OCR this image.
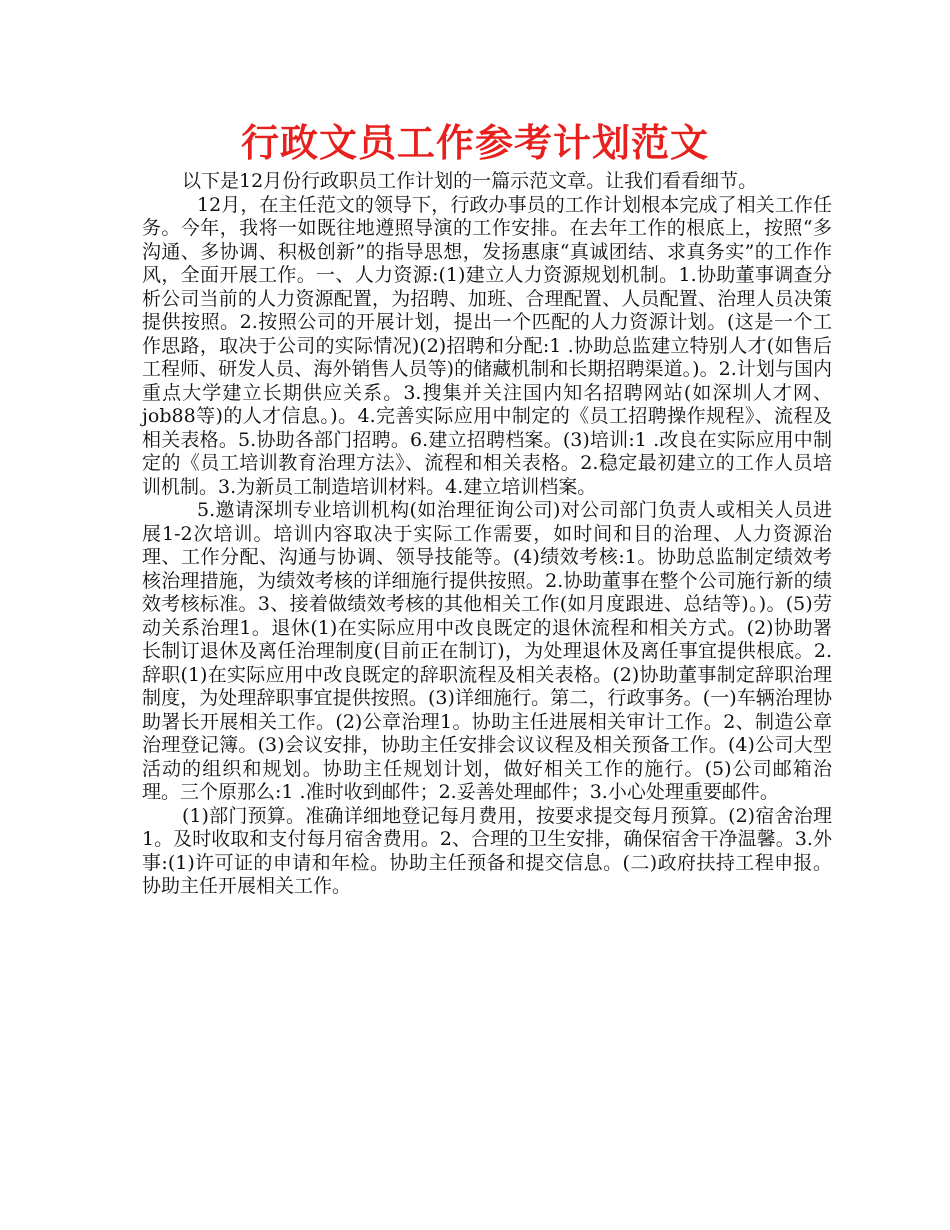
行政文员工作参考计划范文

以下是12月份行政职员工作计划的一篇示范文章。让我们看看细节。

12月，在主任范文的领导下，行政办事员的工作计划根本完成了相关工作任务。今年，我将一如既往地遵照导演的工作安排。在去年工作的根底上，按照“多沟通、多协调、积极创新”的指导思想，发扬惠康“真诚团结、求真务实”的工作作风，全面开展工作。一、人力资源:(1)建立人力资源规划机制。1.协助董事调查分析公司当前的人力资源配置，为招聘、加班、合理配置、人员配置、治理人员决策提供按照。2.按照公司的开展计划，提出一个匹配的人力资源计划。(这是一个工作思路，取决于公司的实际情况)(2)招聘和分配:1 .协助总监建立特别人才(如售后工程师、研发人员、海外销售人员等)的储藏机制和长期招聘渠道。)。2.计划与国内重点大学建立长期供应关系。3.搜集并关注国内知名招聘网站(如深圳人才网、job88等)的人才信息。)。4.完善实际应用中制定的《员工招聘操作规程》、流程及相关表格。5.协助各部门招聘。6.建立招聘档案。(3)培训:1 .改良在实际应用中制定的《员工培训教育治理方法》、流程和相关表格。2.稳定最初建立的工作人员培训机制。3.为新员工制造培训材料。4.建立培训档案。

5.邀请深圳专业培训机构(如治理征询公司)对公司部门负责人或相关人员进展1-2次培训。培训内容取决于实际工作需要，如时间和目的治理、人力资源治理、工作分配、沟通与协调、领导技能等。(4)绩效考核:1。协助总监制定绩效考核治理措施，为绩效考核的详细施行提供按照。2.协助董事在整个公司施行新的绩效考核标准。3、接着做绩效考核的其他相关工作(如月度跟进、总结等)。)。(5)劳动关系治理1。退休(1)在实际应用中改良既定的退休流程和相关方式。(2)协助署长制订退休及离任治理制度(目前正在制订)，为处理退休及离任事宜提供根底。2.辞职(1)在实际应用中改良既定的辞职流程及相关表格。(2)协助董事制定辞职治理制度，为处理辞职事宜提供按照。(3)详细施行。第二，行政事务。(一)车辆治理协助署长开展相关工作。(2)公章治理1。协助主任进展相关审计工作。2、制造公章治理登记簿。(3)会议安排，协助主任安排会议议程及相关预备工作。(4)公司大型活动的组织和规划。协助主任规划计划，做好相关工作的施行。(5)公司邮箱治理。三个原那么:1 .准时收到邮件；2.妥善处理邮件；3.小心处理重要邮件。

(1)部门预算。准确详细地登记每月费用，按要求提交每月预算。(2)宿舍治理1。及时收取和支付每月宿舍费用。2、合理的卫生安排，确保宿舍干净温馨。3.外事:(1)许可证的申请和年检。协助主任预备和提交信息。(二)政府扶持工程申报。协助主任开展相关工作。
